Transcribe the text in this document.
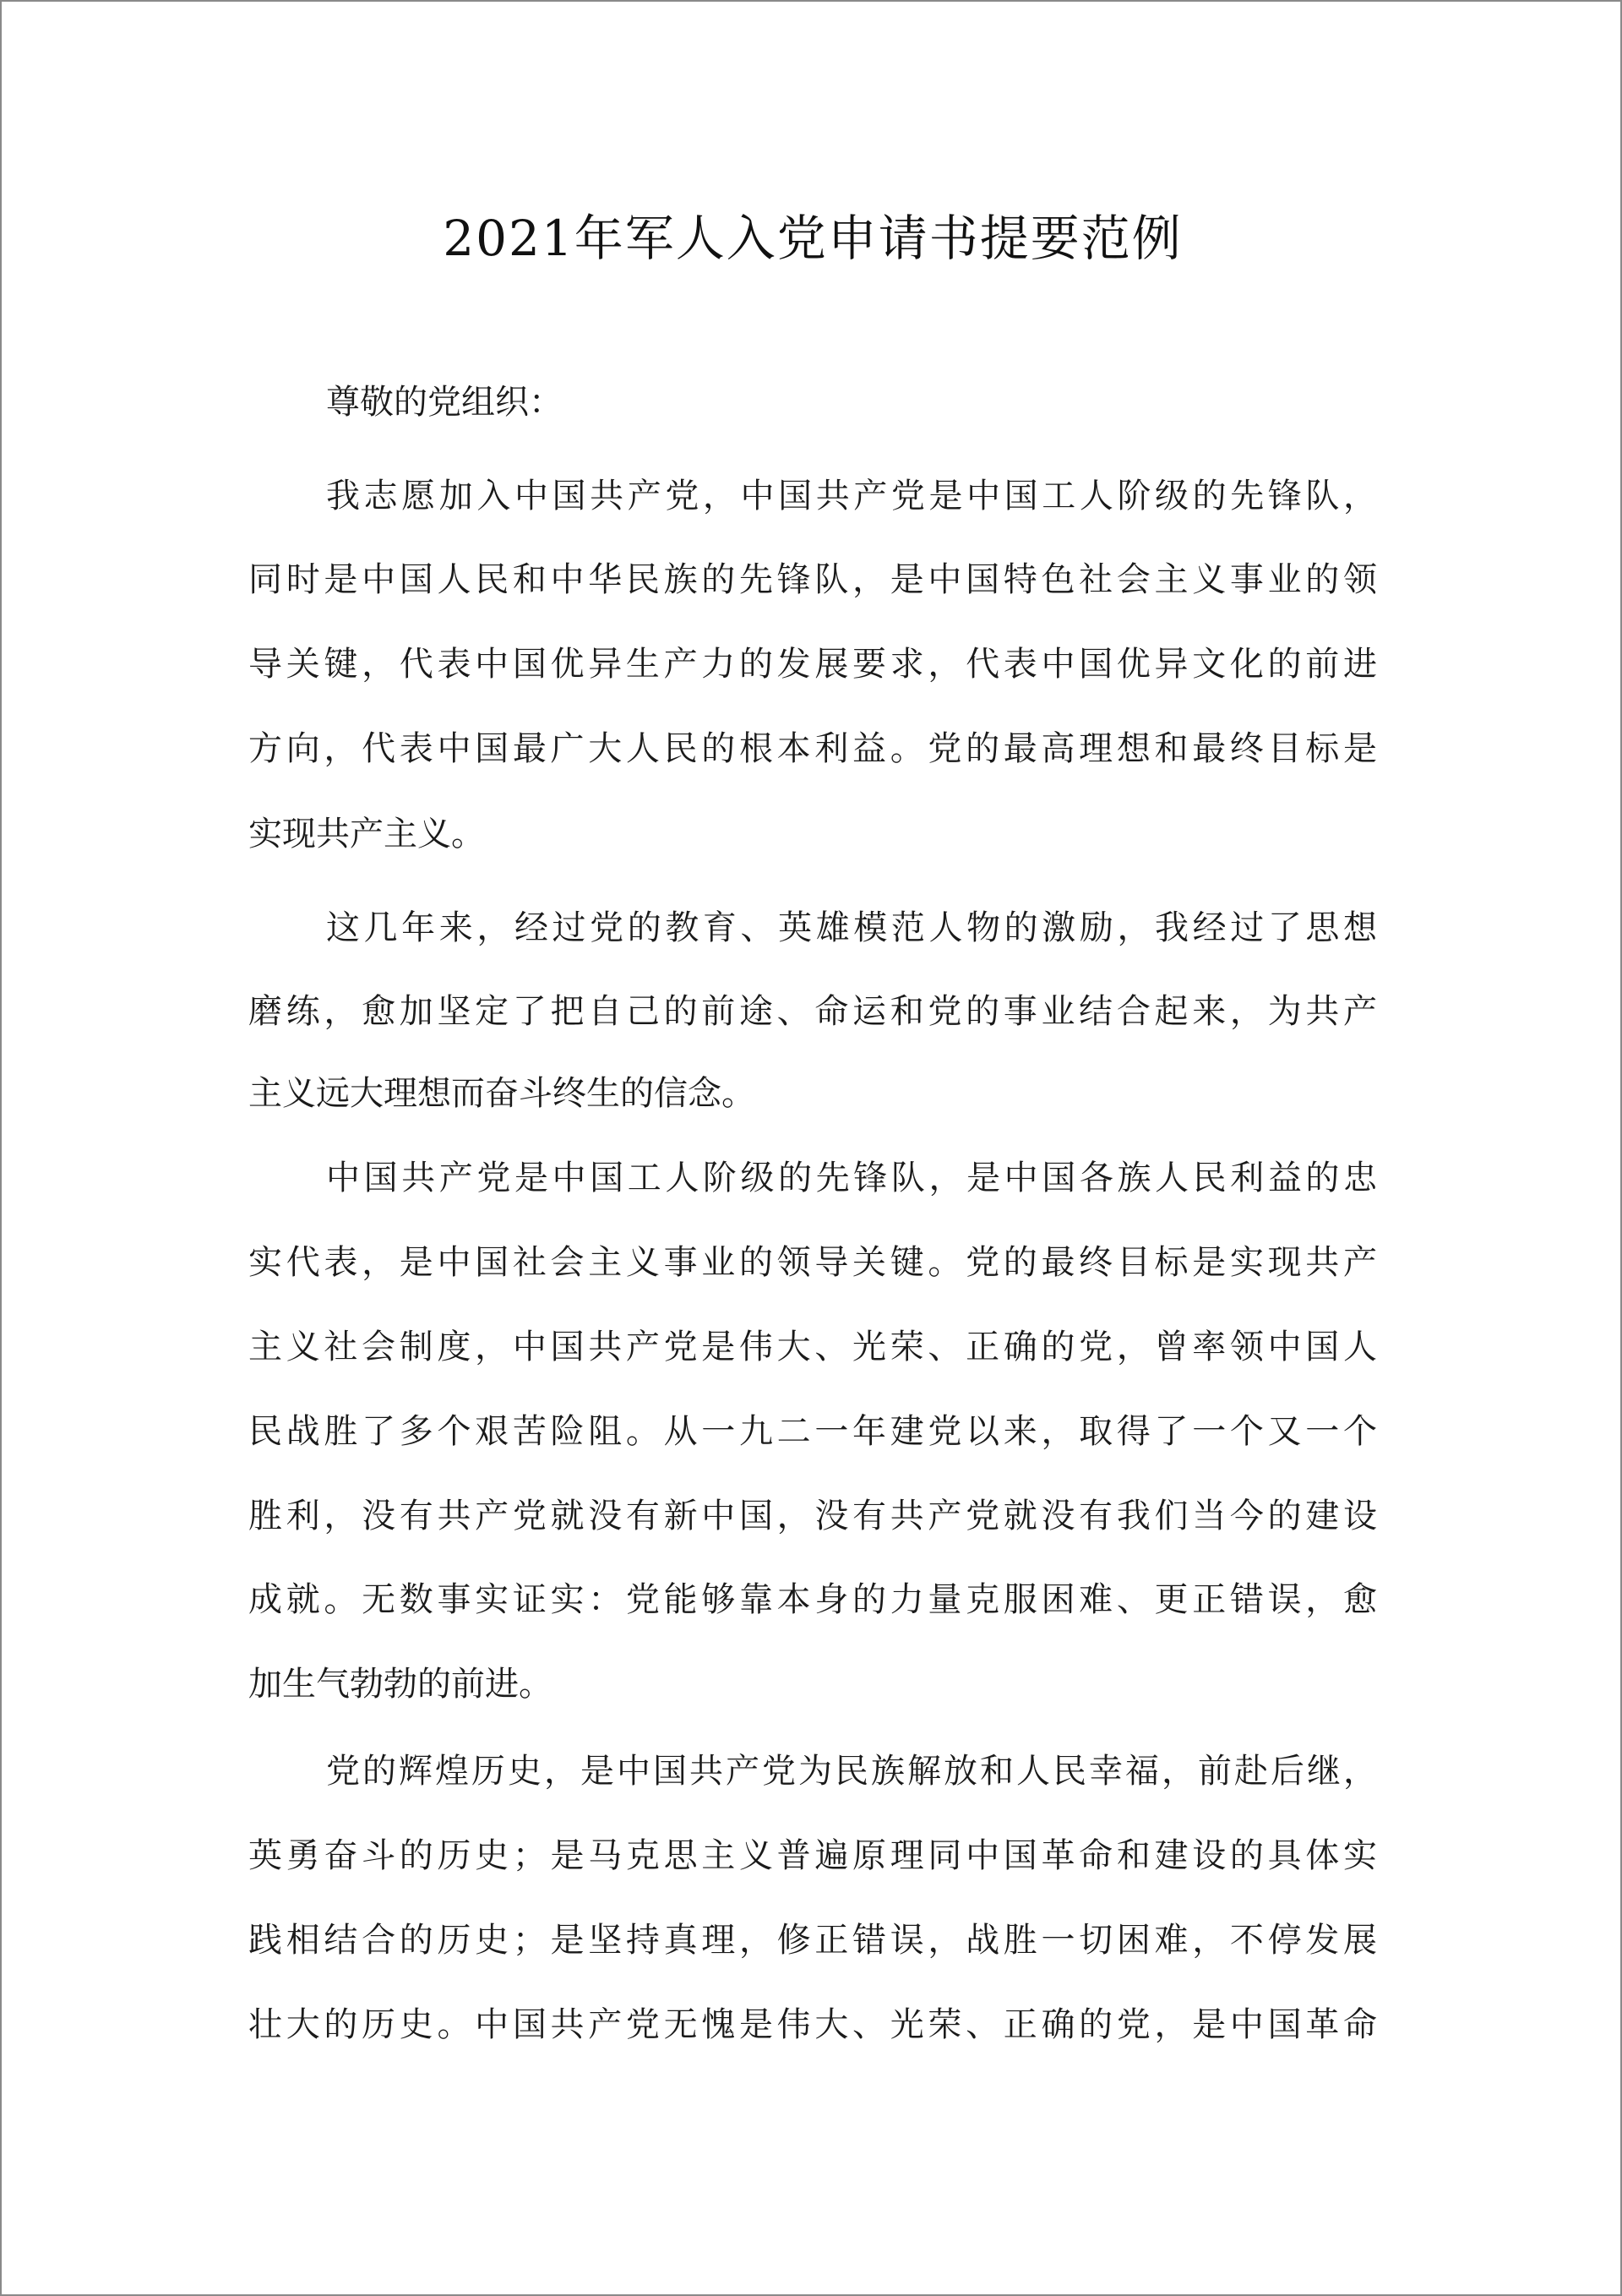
2021年军人入党申请书提要范例

尊敬的党组织：

我志愿加入中国共产党，中国共产党是中国工人阶级的先锋队，

同时是中国人民和中华民族的先锋队，是中国特色社会主义事业的领

导关键，代表中国优异生产力的发展要求，代表中国优异文化的前进

方向，代表中国最广大人民的根本利益。党的最高理想和最终目标是

实现共产主义。

这几年来，经过党的教育、英雄模范人物的激励，我经过了思想

磨练，愈加坚定了把自己的前途、命运和党的事业结合起来，为共产

主义远大理想而奋斗终生的信念。

中国共产党是中国工人阶级的先锋队，是中国各族人民利益的忠

实代表，是中国社会主义事业的领导关键。党的最终目标是实现共产

主义社会制度，中国共产党是伟大、光荣、正确的党，曾率领中国人

民战胜了多个艰苦险阻。从一九二一年建党以来，取得了一个又一个

胜利，没有共产党就没有新中国，没有共产党就没有我们当今的建设

成就。无数事实证实：党能够靠本身的力量克服困难、更正错误，愈

加生气勃勃的前进。

党的辉煌历史，是中国共产党为民族解放和人民幸福，前赴后继，

英勇奋斗的历史；是马克思主义普遍原理同中国革命和建设的具体实

践相结合的历史；是坚持真理，修正错误，战胜一切困难，不停发展

壮大的历史。中国共产党无愧是伟大、光荣、正确的党，是中国革命
